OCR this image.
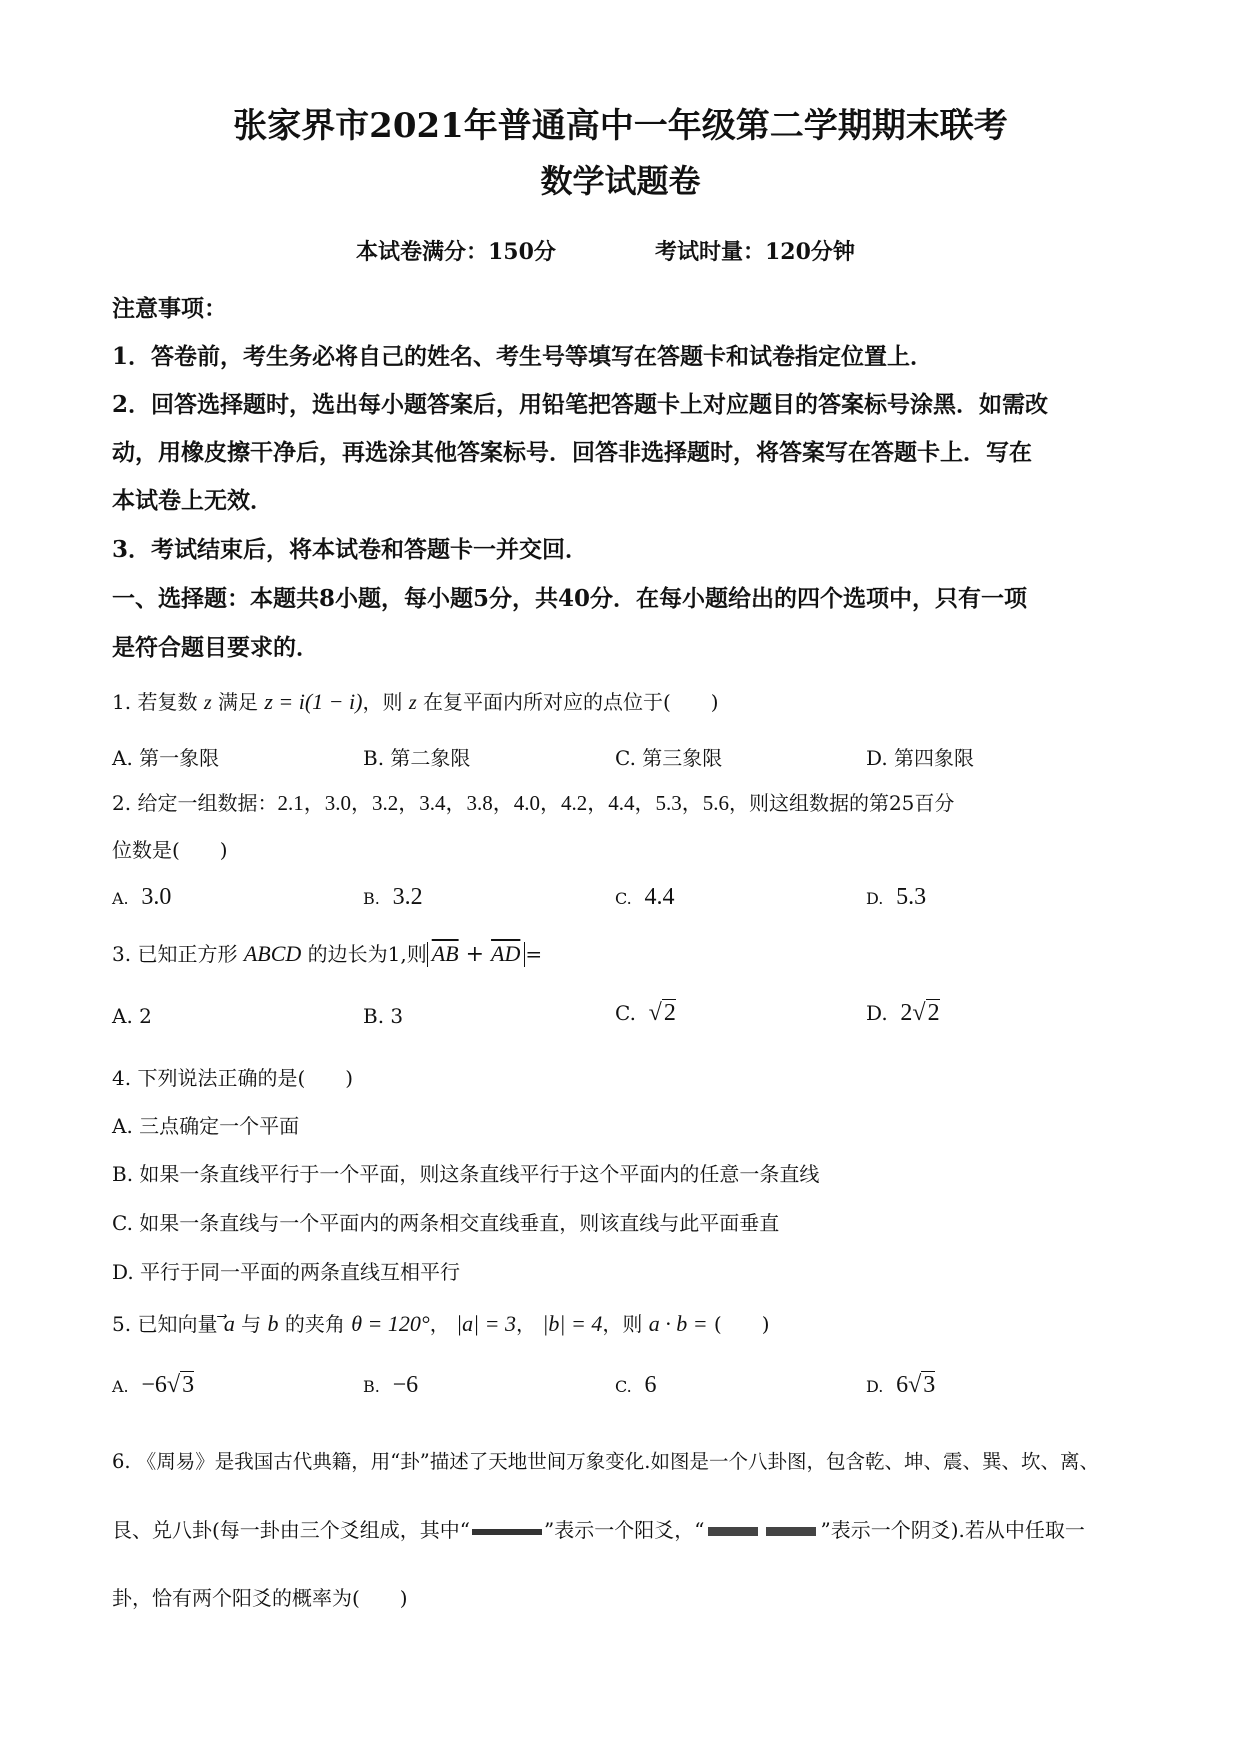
张家界市2021年普通高中一年级第二学期期末联考
数学试题卷
本试卷满分：150分	考试时量：120分钟
注意事项：
1．答卷前，考生务必将自己的姓名、考生号等填写在答题卡和试卷指定位置上．
2．回答选择题时，选出每小题答案后，用铅笔把答题卡上对应题目的答案标号涂黑．如需改
动，用橡皮擦干净后，再选涂其他答案标号．回答非选择题时，将答案写在答题卡上．写在
本试卷上无效．
3．考试结束后，将本试卷和答题卡一并交回．
一、选择题：本题共8小题，每小题5分，共40分．在每小题给出的四个选项中，只有一项
是符合题目要求的．
1. 若复数 z 满足 z = i(1 − i)，则 z 在复平面内所对应的点位于(　　)
A. 第一象限	B. 第二象限	C. 第三象限	D. 第四象限
2. 给定一组数据：2.1，3.0，3.2，3.4，3.8，4.0，4.2，4.4，5.3，5.6，则这组数据的第25百分
位数是(　　)
A. 3.0	B. 3.2	C. 4.4	D. 5.3
3. 已知正方形 ABCD 的边长为1,则 $\overline{AB} + \overline{AD}$ =
A. 2	B. 3	C. √2	D. 2√2
4. 下列说法正确的是(　　)
A. 三点确定一个平面
B. 如果一条直线平行于一个平面，则这条直线平行于这个平面内的任意一条直线
C. 如果一条直线与一个平面内的两条相交直线垂直，则该直线与此平面垂直
D. 平行于同一平面的两条直线互相平行
5. 已知向量 a 与 b 的夹角 θ = 120°， |a| = 3， |b| = 4，则 a · b = (　　)
A. −6√3	B. −6	C. 6	D. 6√3
6. 《周易》是我国古代典籍，用“卦”描述了天地世间万象变化.如图是一个八卦图，包含乾、坤、震、巽、坎、离、
艮、兑八卦(每一卦由三个爻组成，其中“	”表示一个阳爻，“	”表示一个阴爻).若从中任取一
卦，恰有两个阳爻的概率为(　　)
